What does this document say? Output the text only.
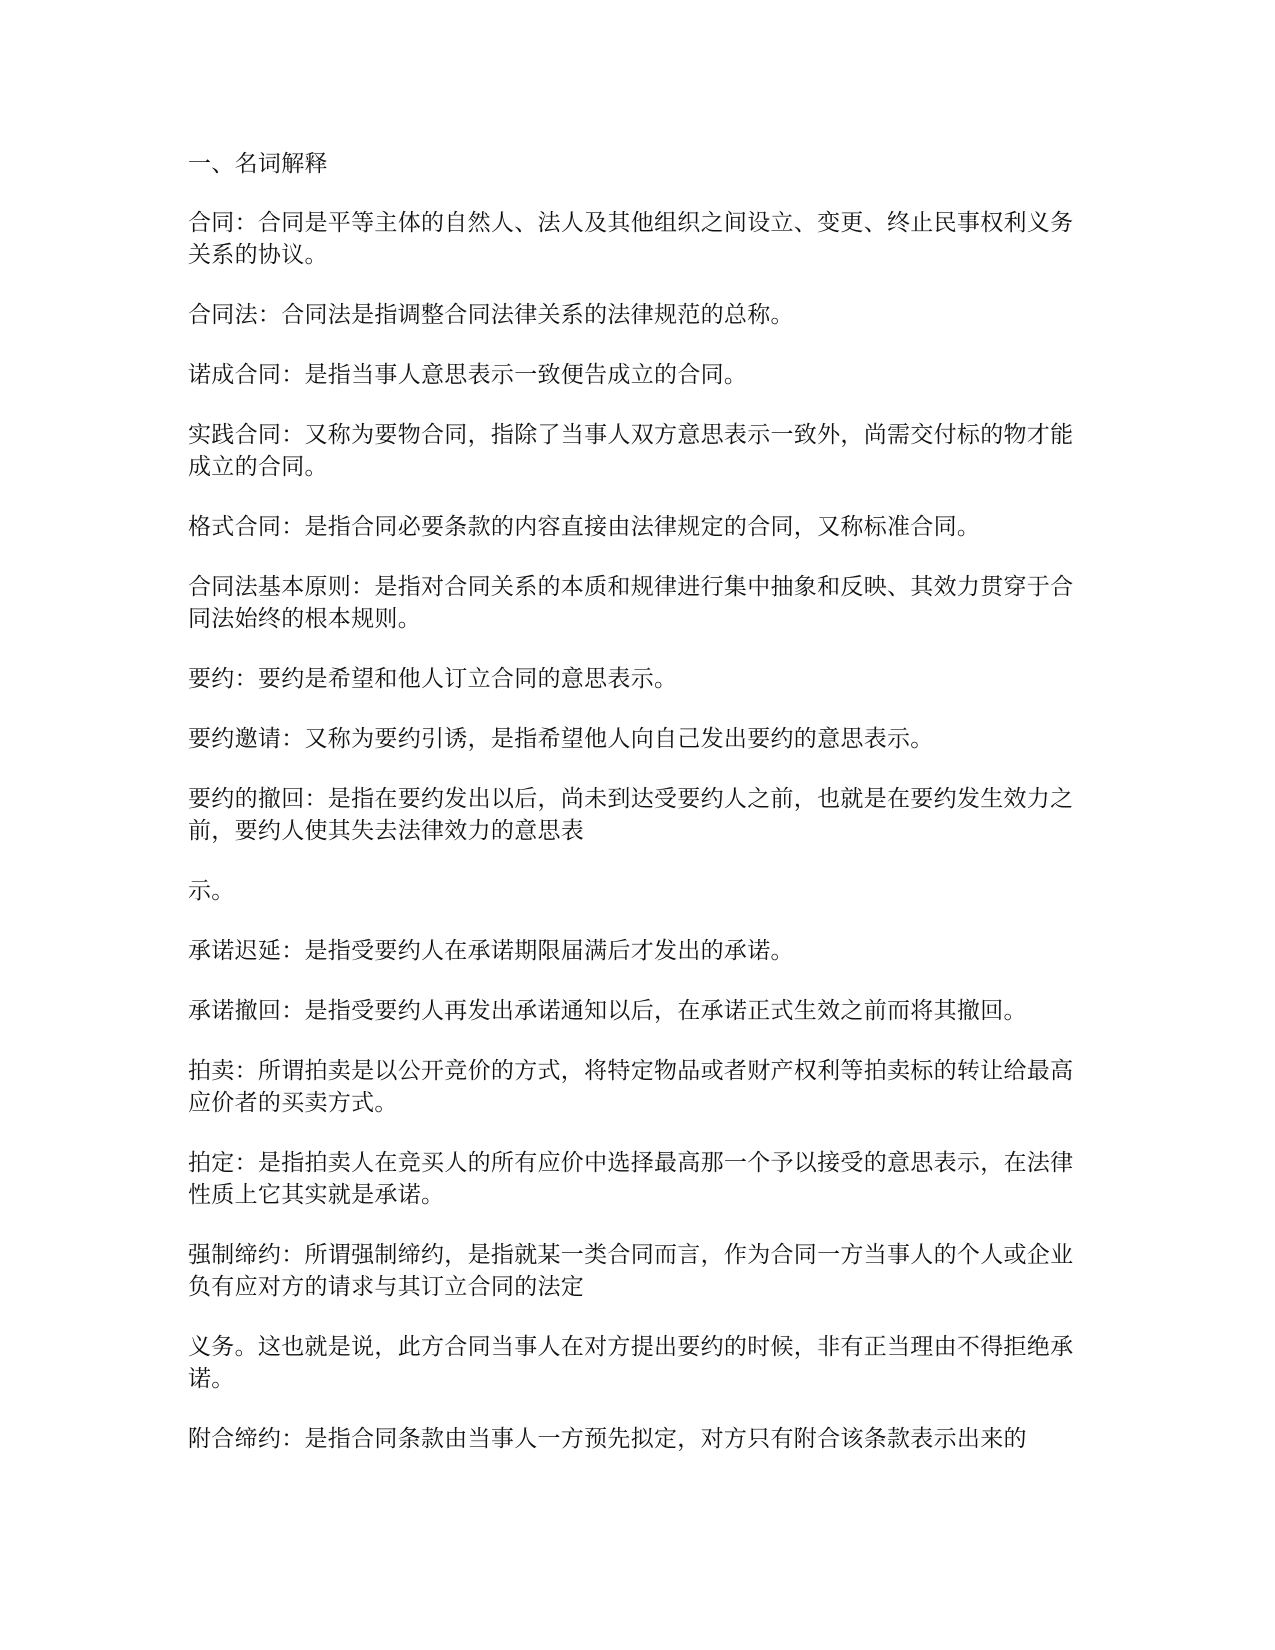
一、名词解释

合同：合同是平等主体的自然人、法人及其他组织之间设立、变更、终止民事权利义务关系的协议。

合同法：合同法是指调整合同法律关系的法律规范的总称。

诺成合同：是指当事人意思表示一致便告成立的合同。

实践合同：又称为要物合同，指除了当事人双方意思表示一致外，尚需交付标的物才能成立的合同。

格式合同：是指合同必要条款的内容直接由法律规定的合同，又称标准合同。

合同法基本原则：是指对合同关系的本质和规律进行集中抽象和反映、其效力贯穿于合同法始终的根本规则。

要约：要约是希望和他人订立合同的意思表示。

要约邀请：又称为要约引诱，是指希望他人向自己发出要约的意思表示。

要约的撤回：是指在要约发出以后，尚未到达受要约人之前，也就是在要约发生效力之前，要约人使其失去法律效力的意思表

示。

承诺迟延：是指受要约人在承诺期限届满后才发出的承诺。

承诺撤回：是指受要约人再发出承诺通知以后，在承诺正式生效之前而将其撤回。

拍卖：所谓拍卖是以公开竞价的方式，将特定物品或者财产权利等拍卖标的转让给最高应价者的买卖方式。

拍定：是指拍卖人在竞买人的所有应价中选择最高那一个予以接受的意思表示，在法律性质上它其实就是承诺。

强制缔约：所谓强制缔约，是指就某一类合同而言，作为合同一方当事人的个人或企业负有应对方的请求与其订立合同的法定

义务。这也就是说，此方合同当事人在对方提出要约的时候，非有正当理由不得拒绝承诺。

附合缔约：是指合同条款由当事人一方预先拟定，对方只有附合该条款表示出来的
